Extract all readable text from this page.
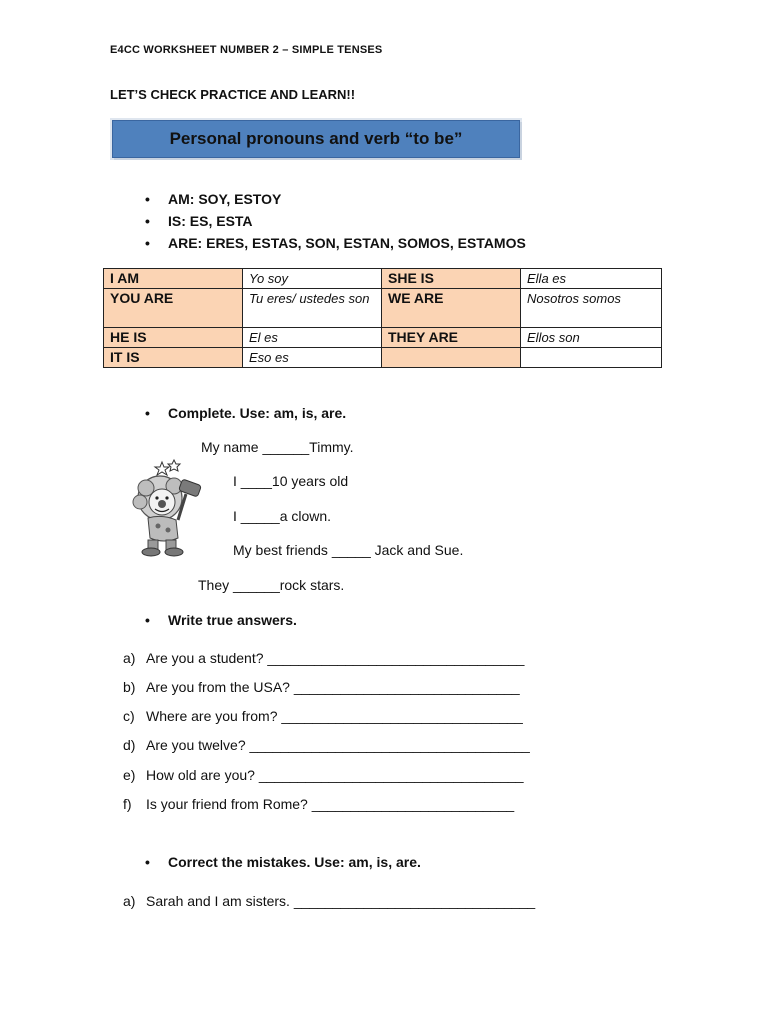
E4CC WORKSHEET NUMBER 2 – SIMPLE TENSES
LET’S CHECK PRACTICE AND LEARN!!
Personal pronouns and verb “to be”
• AM: SOY, ESTOY
• IS: ES, ESTA
• ARE: ERES, ESTAS, SON, ESTAN, SOMOS, ESTAMOS
I AM	Yo soy	SHE IS	Ella es
YOU ARE	Tu eres/ ustedes son	WE ARE	Nosotros somos
HE IS	El es	THEY ARE	Ellos son
IT IS	Eso es		
• Complete. Use: am, is, are.
My name ______Timmy.
I ____10 years old
I _____a clown.
My best friends _____ Jack and Sue.
They ______rock stars.
• Write true answers.
a) Are you a student? _________________________________
b) Are you from the USA? _____________________________
c) Where are you from? _______________________________
d) Are you twelve? ____________________________________
e) How old are you? __________________________________
f) Is your friend from Rome? __________________________
• Correct the mistakes. Use: am, is, are.
a) Sarah and I am sisters. _______________________________
